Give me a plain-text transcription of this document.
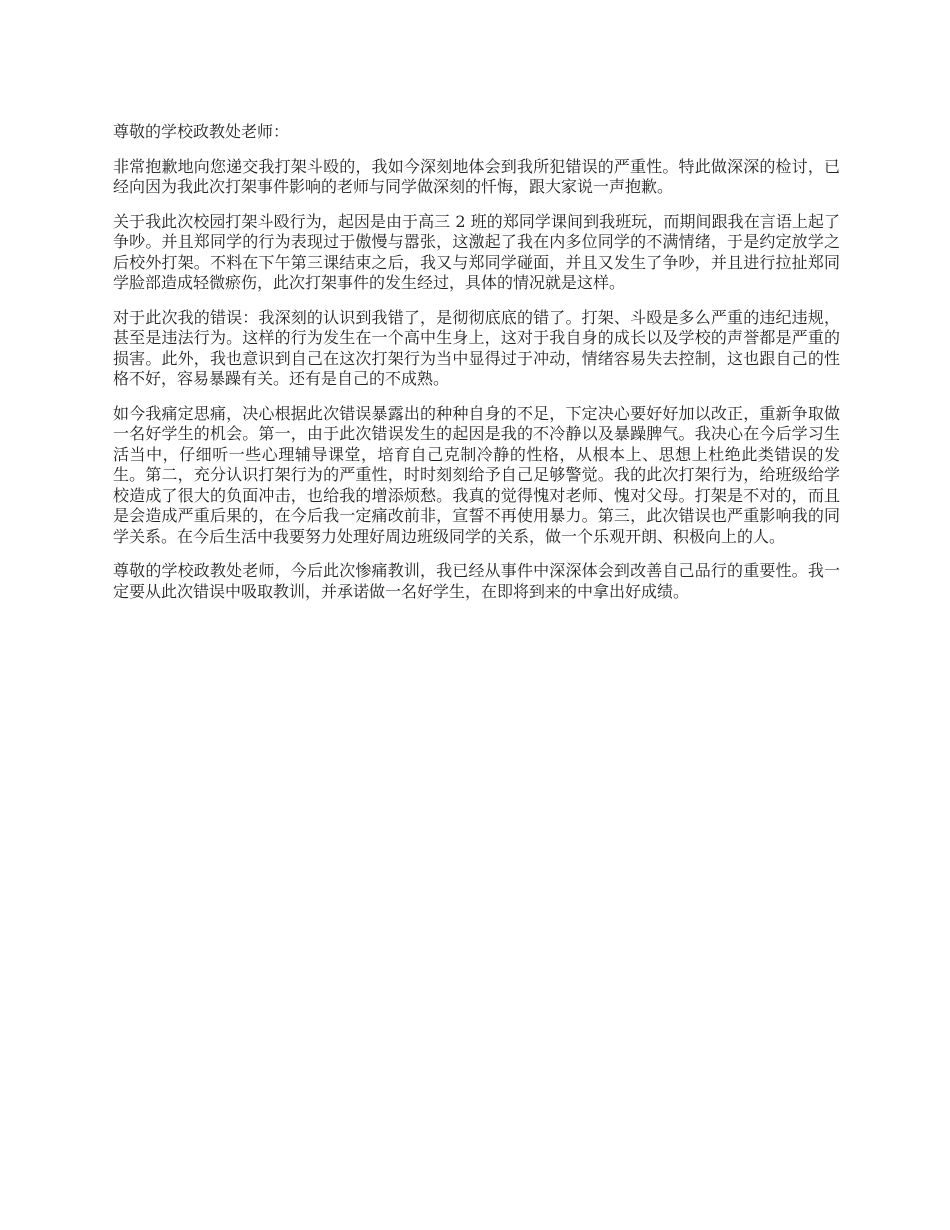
尊敬的学校政教处老师：

非常抱歉地向您递交我打架斗殴的，我如今深刻地体会到我所犯错误的严重性。特此做深深的检讨，已经向因为我此次打架事件影响的老师与同学做深刻的忏悔，跟大家说一声抱歉。

关于我此次校园打架斗殴行为，起因是由于高三 2 班的郑同学课间到我班玩，而期间跟我在言语上起了争吵。并且郑同学的行为表现过于傲慢与嚣张，这激起了我在内多位同学的不满情绪，于是约定放学之后校外打架。不料在下午第三课结束之后，我又与郑同学碰面，并且又发生了争吵，并且进行拉扯郑同学脸部造成轻微瘀伤，此次打架事件的发生经过，具体的情况就是这样。

对于此次我的错误：我深刻的认识到我错了，是彻彻底底的错了。打架、斗殴是多么严重的违纪违规，甚至是违法行为。这样的行为发生在一个高中生身上，这对于我自身的成长以及学校的声誉都是严重的损害。此外，我也意识到自己在这次打架行为当中显得过于冲动，情绪容易失去控制，这也跟自己的性格不好，容易暴躁有关。还有是自己的不成熟。

如今我痛定思痛，决心根据此次错误暴露出的种种自身的不足，下定决心要好好加以改正，重新争取做一名好学生的机会。第一，由于此次错误发生的起因是我的不冷静以及暴躁脾气。我决心在今后学习生活当中，仔细听一些心理辅导课堂，培育自己克制冷静的性格，从根本上、思想上杜绝此类错误的发生。第二，充分认识打架行为的严重性，时时刻刻给予自己足够警觉。我的此次打架行为，给班级给学校造成了很大的负面冲击，也给我的增添烦愁。我真的觉得愧对老师、愧对父母。打架是不对的，而且是会造成严重后果的，在今后我一定痛改前非，宣誓不再使用暴力。第三，此次错误也严重影响我的同学关系。在今后生活中我要努力处理好周边班级同学的关系，做一个乐观开朗、积极向上的人。

尊敬的学校政教处老师，今后此次惨痛教训，我已经从事件中深深体会到改善自己品行的重要性。我一定要从此次错误中吸取教训，并承诺做一名好学生，在即将到来的中拿出好成绩。
